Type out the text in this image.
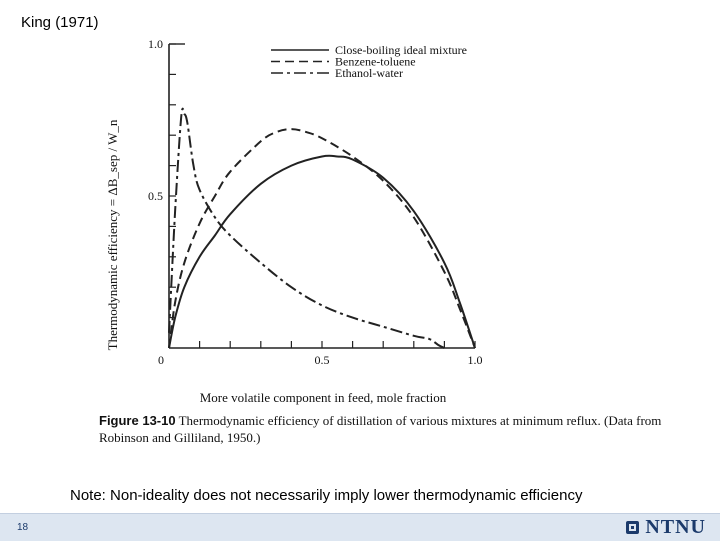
King (1971)
0	0.5	1.0
0.5
1.0	Close-boiling ideal mixture
Benzene-toluene
Ethanol-water
Thermodynamic efficiency = ΔB_sep / W_n
More volatile component in feed, mole fraction
Figure 13-10 Thermodynamic efficiency of distillation of various mixtures at minimum reflux. (Data from Robinson and Gilliland, 1950.)
Note: Non-ideality does not necessarily imply lower thermodynamic efficiency
18	NTNU
